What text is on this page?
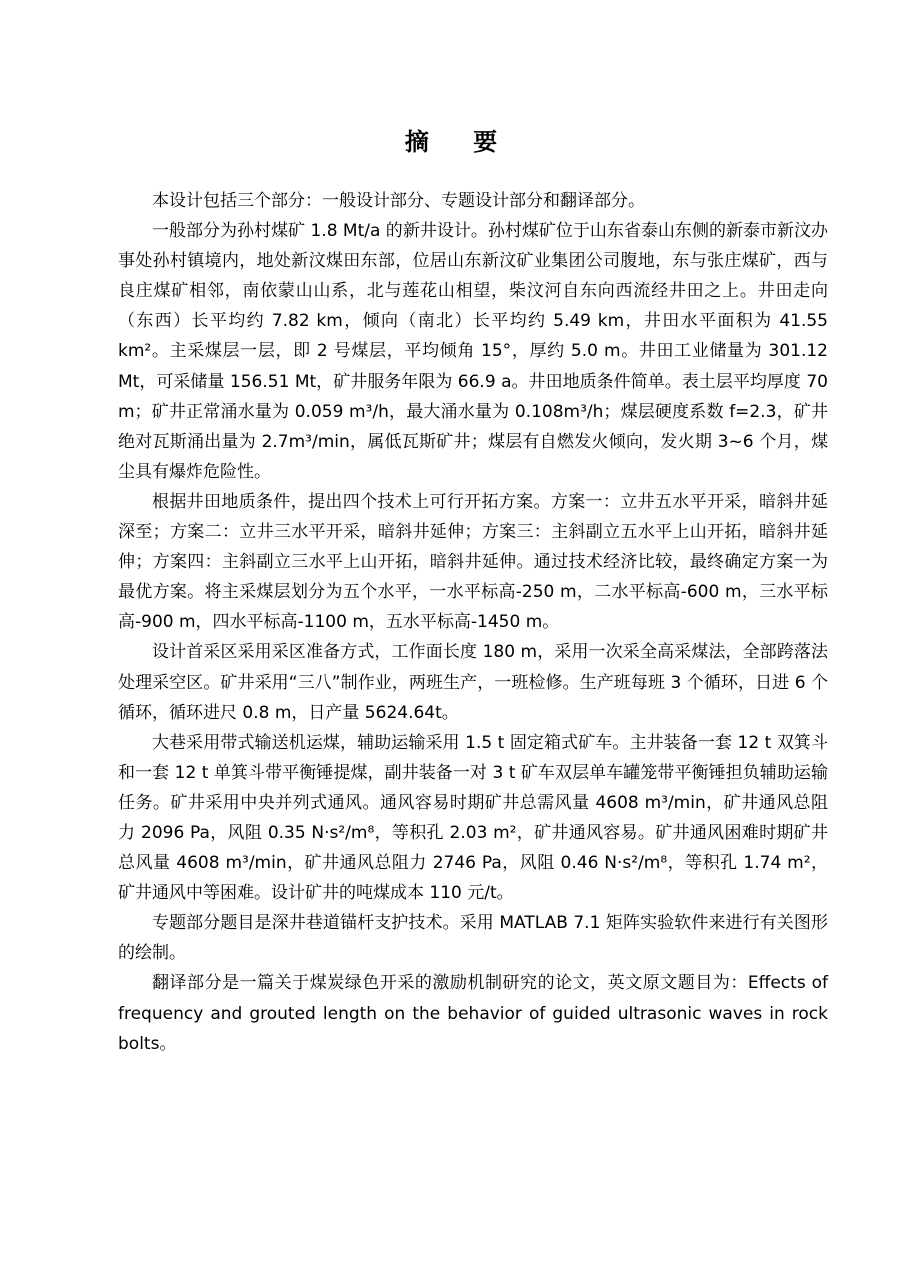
摘 要

本设计包括三个部分：一般设计部分、专题设计部分和翻译部分。

一般部分为孙村煤矿 1.8 Mt/a 的新井设计。孙村煤矿位于山东省泰山东侧的新泰市新汶办事处孙村镇境内，地处新汶煤田东部，位居山东新汶矿业集团公司腹地，东与张庄煤矿，西与良庄煤矿相邻，南依蒙山山系，北与莲花山相望，柴汶河自东向西流经井田之上。井田走向（东西）长平均约 7.82 km，倾向（南北）长平均约 5.49 km，井田水平面积为 41.55 km²。主采煤层一层，即 2 号煤层，平均倾角 15°，厚约 5.0 m。井田工业储量为 301.12 Mt，可采储量 156.51 Mt，矿井服务年限为 66.9 a。井田地质条件简单。表土层平均厚度 70 m；矿井正常涌水量为 0.059 m³/h，最大涌水量为 0.108m³/h；煤层硬度系数 f=2.3，矿井绝对瓦斯涌出量为 2.7m³/min，属低瓦斯矿井；煤层有自燃发火倾向，发火期 3~6 个月，煤尘具有爆炸危险性。

根据井田地质条件，提出四个技术上可行开拓方案。方案一：立井五水平开采，暗斜井延深至；方案二：立井三水平开采，暗斜井延伸；方案三：主斜副立五水平上山开拓，暗斜井延伸；方案四：主斜副立三水平上山开拓，暗斜井延伸。通过技术经济比较，最终确定方案一为最优方案。将主采煤层划分为五个水平，一水平标高-250 m，二水平标高-600 m，三水平标高-900 m，四水平标高-1100 m，五水平标高-1450 m。

设计首采区采用采区准备方式，工作面长度 180 m，采用一次采全高采煤法，全部跨落法处理采空区。矿井采用“三八”制作业，两班生产，一班检修。生产班每班 3 个循环，日进 6 个循环，循环进尺 0.8 m，日产量 5624.64t。

大巷采用带式输送机运煤，辅助运输采用 1.5 t 固定箱式矿车。主井装备一套 12 t 双箕斗和一套 12 t 单箕斗带平衡锤提煤，副井装备一对 3 t 矿车双层单车罐笼带平衡锤担负辅助运输任务。矿井采用中央并列式通风。通风容易时期矿井总需风量 4608 m³/min，矿井通风总阻力 2096 Pa，风阻 0.35 N·s²/m⁸，等积孔 2.03 m²，矿井通风容易。矿井通风困难时期矿井总风量 4608 m³/min，矿井通风总阻力 2746 Pa，风阻 0.46 N·s²/m⁸，等积孔 1.74 m²，矿井通风中等困难。设计矿井的吨煤成本 110 元/t。

专题部分题目是深井巷道锚杆支护技术。采用 MATLAB 7.1 矩阵实验软件来进行有关图形的绘制。

翻译部分是一篇关于煤炭绿色开采的激励机制研究的论文，英文原文题目为：Effects of frequency and grouted length on the behavior of guided ultrasonic waves in rock bolts。
